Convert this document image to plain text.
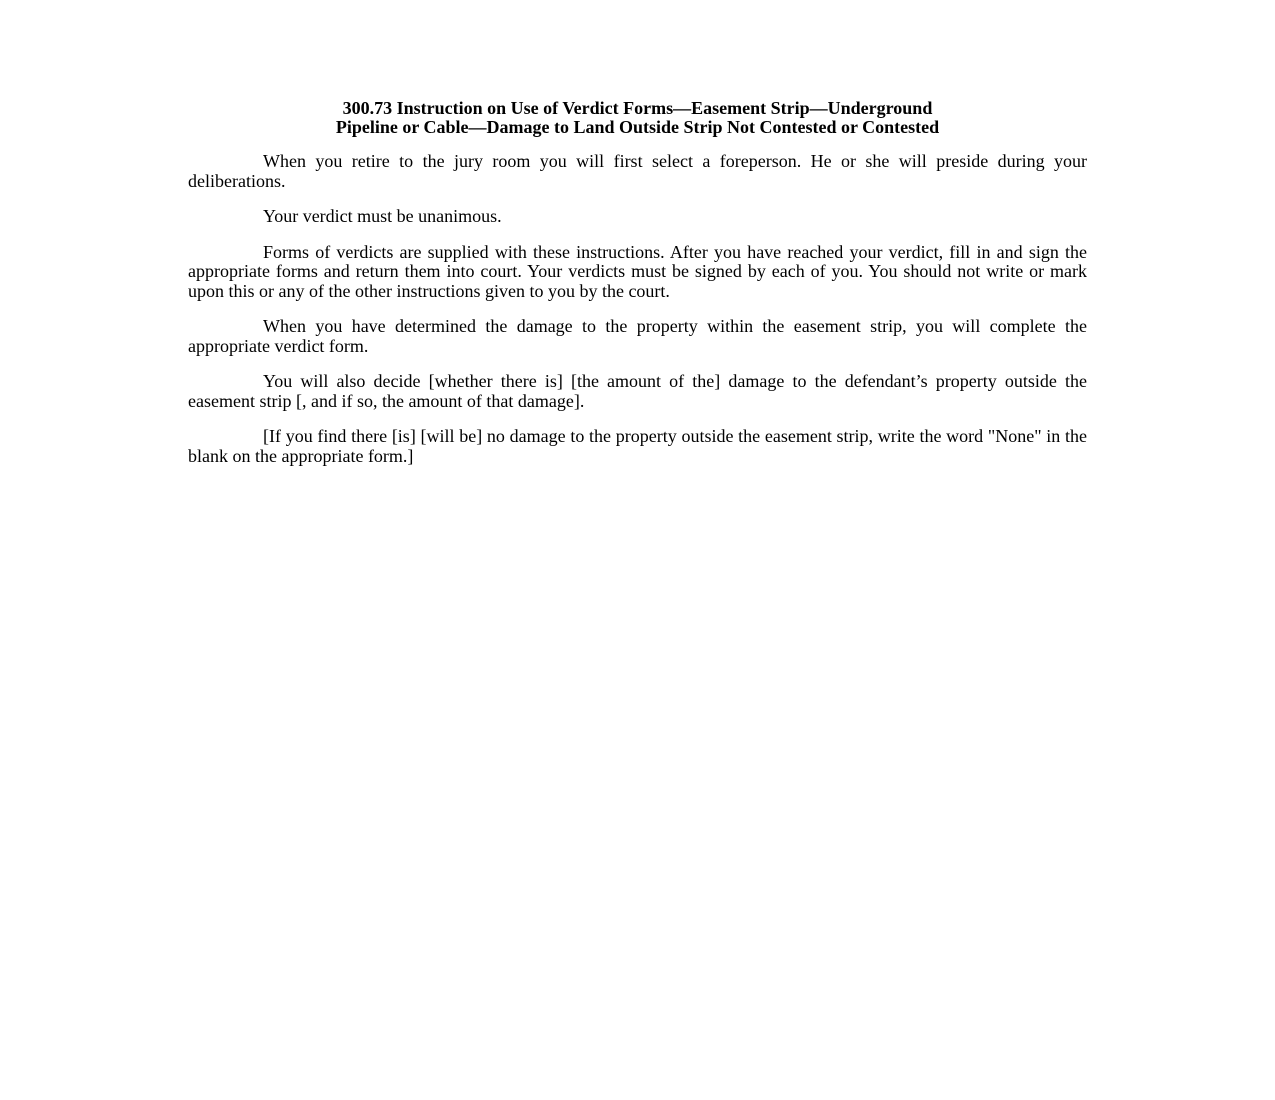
300.73 Instruction on Use of Verdict Forms—Easement Strip—Underground
Pipeline or Cable—Damage to Land Outside Strip Not Contested or Contested

When you retire to the jury room you will first select a foreperson. He or she will preside during your deliberations.

Your verdict must be unanimous.

Forms of verdicts are supplied with these instructions. After you have reached your verdict, fill in and sign the appropriate forms and return them into court. Your verdicts must be signed by each of you. You should not write or mark upon this or any of the other instructions given to you by the court.

When you have determined the damage to the property within the easement strip, you will complete the appropriate verdict form.

You will also decide [whether there is] [the amount of the] damage to the defendant’s property outside the easement strip [, and if so, the amount of that damage].

[If you find there [is] [will be] no damage to the property outside the easement strip, write the word "None" in the blank on the appropriate form.]
